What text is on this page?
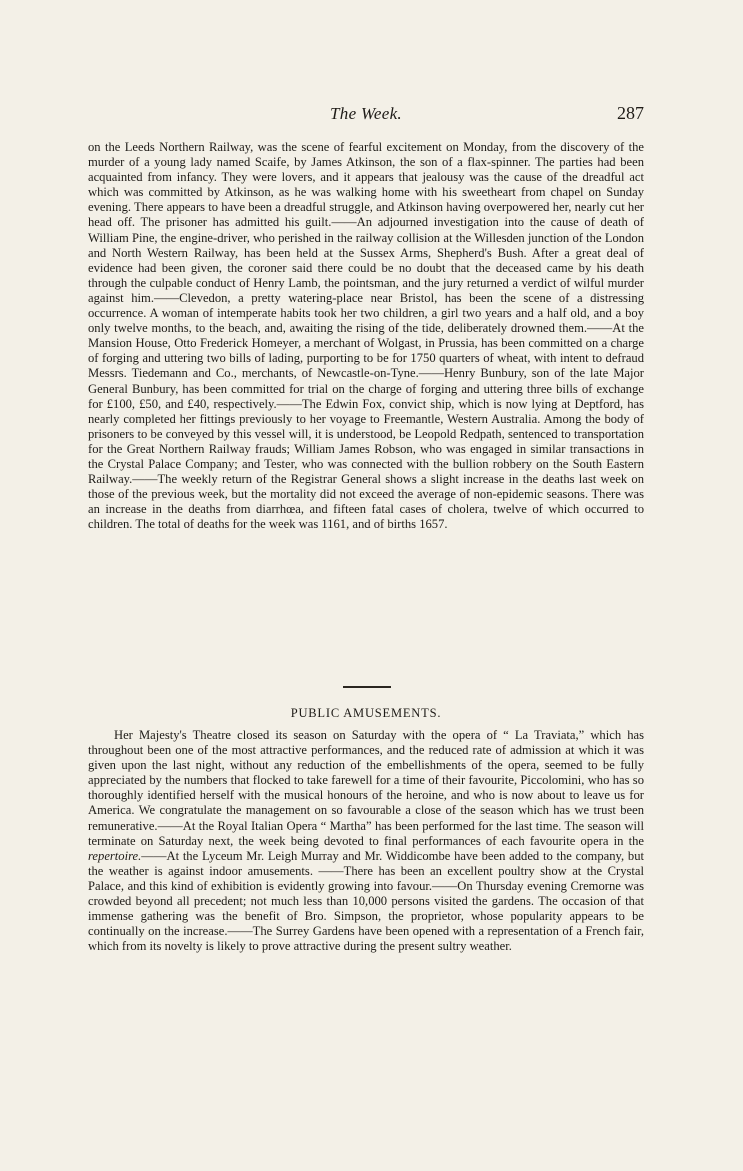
The Week.	287

on the Leeds Northern Railway, was the scene of fearful excitement on Monday, from the discovery of the murder of a young lady named Scaife, by James Atkinson, the son of a flax-spinner. The parties had been acquainted from infancy. They were lovers, and it appears that jealousy was the cause of the dreadful act which was committed by Atkinson, as he was walking home with his sweetheart from chapel on Sunday evening. There appears to have been a dreadful struggle, and Atkinson having overpowered her, nearly cut her head off. The prisoner has admitted his guilt.——An adjourned investigation into the cause of death of William Pine, the engine-driver, who perished in the railway collision at the Willesden junction of the London and North Western Railway, has been held at the Sussex Arms, Shepherd's Bush. After a great deal of evidence had been given, the coroner said there could be no doubt that the deceased came by his death through the culpable conduct of Henry Lamb, the pointsman, and the jury returned a verdict of wilful murder against him.——Clevedon, a pretty watering-place near Bristol, has been the scene of a distressing occurrence. A woman of intemperate habits took her two children, a girl two years and a half old, and a boy only twelve months, to the beach, and, awaiting the rising of the tide, deliberately drowned them.——At the Mansion House, Otto Frederick Homeyer, a merchant of Wolgast, in Prussia, has been committed on a charge of forging and uttering two bills of lading, purporting to be for 1750 quarters of wheat, with intent to defraud Messrs. Tiedemann and Co., merchants, of Newcastle-on-Tyne.——Henry Bunbury, son of the late Major General Bunbury, has been committed for trial on the charge of forging and uttering three bills of exchange for £100, £50, and £40, respectively.——The Edwin Fox, convict ship, which is now lying at Deptford, has nearly completed her fittings previously to her voyage to Freemantle, Western Australia. Among the body of prisoners to be conveyed by this vessel will, it is understood, be Leopold Redpath, sentenced to transportation for the Great Northern Railway frauds; William James Robson, who was engaged in similar transactions in the Crystal Palace Company; and Tester, who was connected with the bullion robbery on the South Eastern Railway.——The weekly return of the Registrar General shows a slight increase in the deaths last week on those of the previous week, but the mortality did not exceed the average of non-epidemic seasons. There was an increase in the deaths from diarrhœa, and fifteen fatal cases of cholera, twelve of which occurred to children. The total of deaths for the week was 1161, and of births 1657.

PUBLIC AMUSEMENTS.

Her Majesty's Theatre closed its season on Saturday with the opera of “ La Traviata,” which has throughout been one of the most attractive performances, and the reduced rate of admission at which it was given upon the last night, without any reduction of the embellishments of the opera, seemed to be fully appreciated by the numbers that flocked to take farewell for a time of their favourite, Piccolomini, who has so thoroughly identified herself with the musical honours of the heroine, and who is now about to leave us for America. We congratulate the management on so favourable a close of the season which has we trust been remunerative.——At the Royal Italian Opera “ Martha” has been performed for the last time. The season will terminate on Saturday next, the week being devoted to final performances of each favourite opera in the repertoire.——At the Lyceum Mr. Leigh Murray and Mr. Widdicombe have been added to the company, but the weather is against indoor amusements. ——There has been an excellent poultry show at the Crystal Palace, and this kind of exhibition is evidently growing into favour.——On Thursday evening Cremorne was crowded beyond all precedent; not much less than 10,000 persons visited the gardens. The occasion of that immense gathering was the benefit of Bro. Simpson, the proprietor, whose popularity appears to be continually on the increase.——The Surrey Gardens have been opened with a representation of a French fair, which from its novelty is likely to prove attractive during the present sultry weather.
